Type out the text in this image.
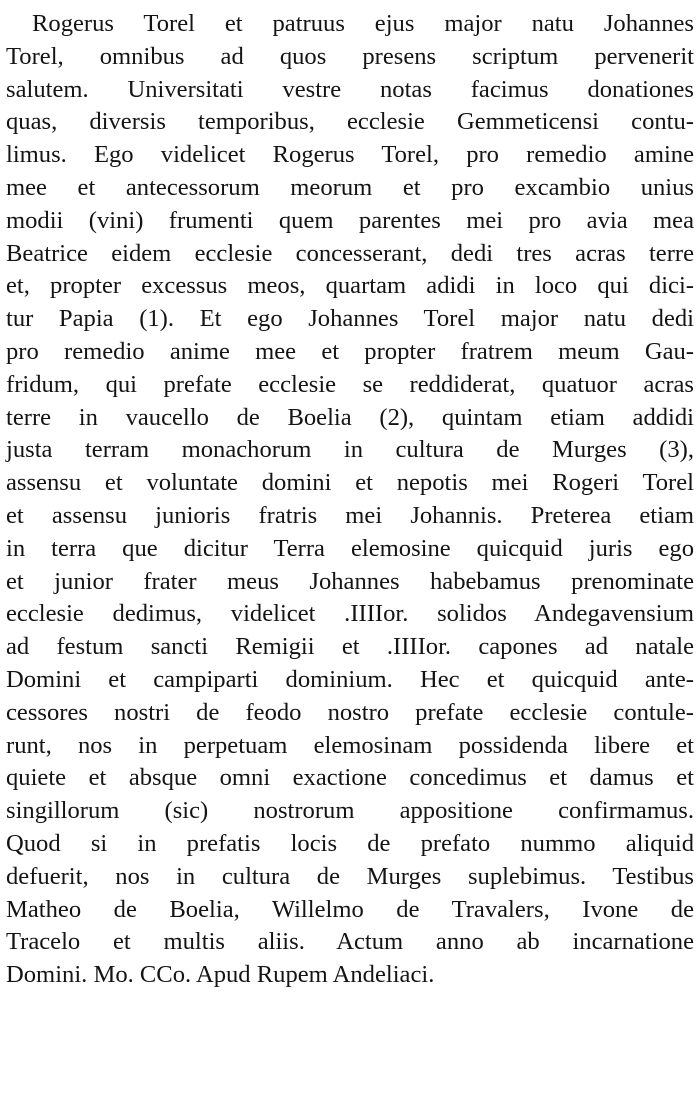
Rogerus Torel et patruus ejus major natu Johannes
Torel, omnibus ad quos presens scriptum pervenerit
salutem. Universitati vestre notas facimus donationes
quas, diversis temporibus, ecclesie Gemmeticensi contu-
limus. Ego videlicet Rogerus Torel, pro remedio amine
mee et antecessorum meorum et pro excambio unius
modii (vini) frumenti quem parentes mei pro avia mea
Beatrice eidem ecclesie concesserant, dedi tres acras terre
et, propter excessus meos, quartam adidi in loco qui dici-
tur Papia (1). Et ego Johannes Torel major natu dedi
pro remedio anime mee et propter fratrem meum Gau-
fridum, qui prefate ecclesie se reddiderat, quatuor acras
terre in vaucello de Boelia (2), quintam etiam addidi
justa terram monachorum in cultura de Murges (3),
assensu et voluntate domini et nepotis mei Rogeri Torel
et assensu junioris fratris mei Johannis. Preterea etiam
in terra que dicitur Terra elemosine quicquid juris ego
et junior frater meus Johannes habebamus prenominate
ecclesie dedimus, videlicet .IIIIor. solidos Andegavensium
ad festum sancti Remigii et .IIIIor. capones ad natale
Domini et campiparti dominium. Hec et quicquid ante-
cessores nostri de feodo nostro prefate ecclesie contule-
runt, nos in perpetuam elemosinam possidenda libere et
quiete et absque omni exactione concedimus et damus et
singillorum (sic) nostrorum appositione confirmamus.
Quod si in prefatis locis de prefato nummo aliquid
defuerit, nos in cultura de Murges suplebimus. Testibus
Matheo de Boelia, Willelmo de Travalers, Ivone de
Tracelo et multis aliis. Actum anno ab incarnatione
Domini. Mo. CCo. Apud Rupem Andeliaci.
